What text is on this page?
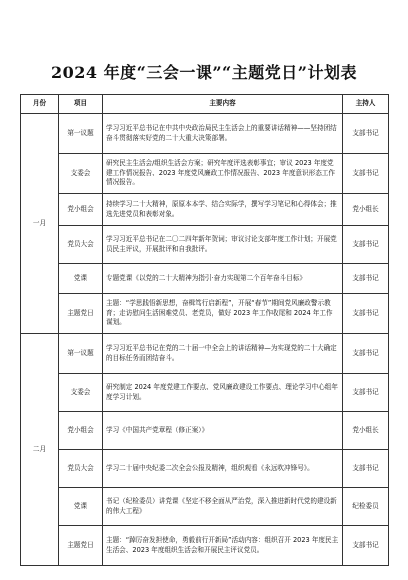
2024 年度“三会一课”“主题党日”计划表
月份	项目	主要内容	主持人
一月	第一议题	学习习近平总书记在中共中央政治局民主生活会上的重要讲话精神——坚持团结奋斗贯彻落实好党的二十大重大决策部署。	支部书记
	支委会	研究民主生活会/组织生活会方案；研究年度评选表彰事宜；审议 2023 年度党建工作情况报告、2023 年度党风廉政工作情况报告、2023 年度意识形态工作情况报告。	支部书记
	党小组会	持续学习二十大精神，原原本本学、结合实际学，撰写学习笔记和心得体会；推选先进党员和表彰对象。	党小组长
	党员大会	学习习近平总书记在二〇二四年新年贺词；审议讨论支部年度工作计划；开展党员民主评议，开展批评和自我批评。	支部书记
	党课	专题党课《以党的二十大精神为指引·奋力实现第二个百年奋斗目标》	支部书记
	主题党日	主题：“学思践悟新思想，奋楫笃行启新程”，开展“春节”期间党风廉政警示教育；走访慰问生活困难党员、老党员，做好 2023 年工作收尾和 2024 年工作谋划。	支部书记
二月	第一议题	学习习近平总书记在党的二十届一中全会上的讲话精神—为实现党的二十大确定的目标任务而团结奋斗。	支部书记
	支委会	研究制定 2024 年度党建工作要点、党风廉政建设工作要点、理论学习中心组年度学习计划。	支部书记
	党小组会	学习《中国共产党章程（修正案）》	党小组长
	党员大会	学习二十届中央纪委二次全会公报及精神，组织观看《永远吹冲锋号》。	支部书记
	党课	书记（纪检委员）讲党课《坚定不移全面从严治党，深入推进新时代党的建设新的伟大工程》	纪检委员
	主题党日	主题：“踔厉奋发担使命，勇毅前行开新局”活动内容：组织召开 2023 年度民主生活会、2023 年度组织生活会和开展民主评议党员。	支部书记
